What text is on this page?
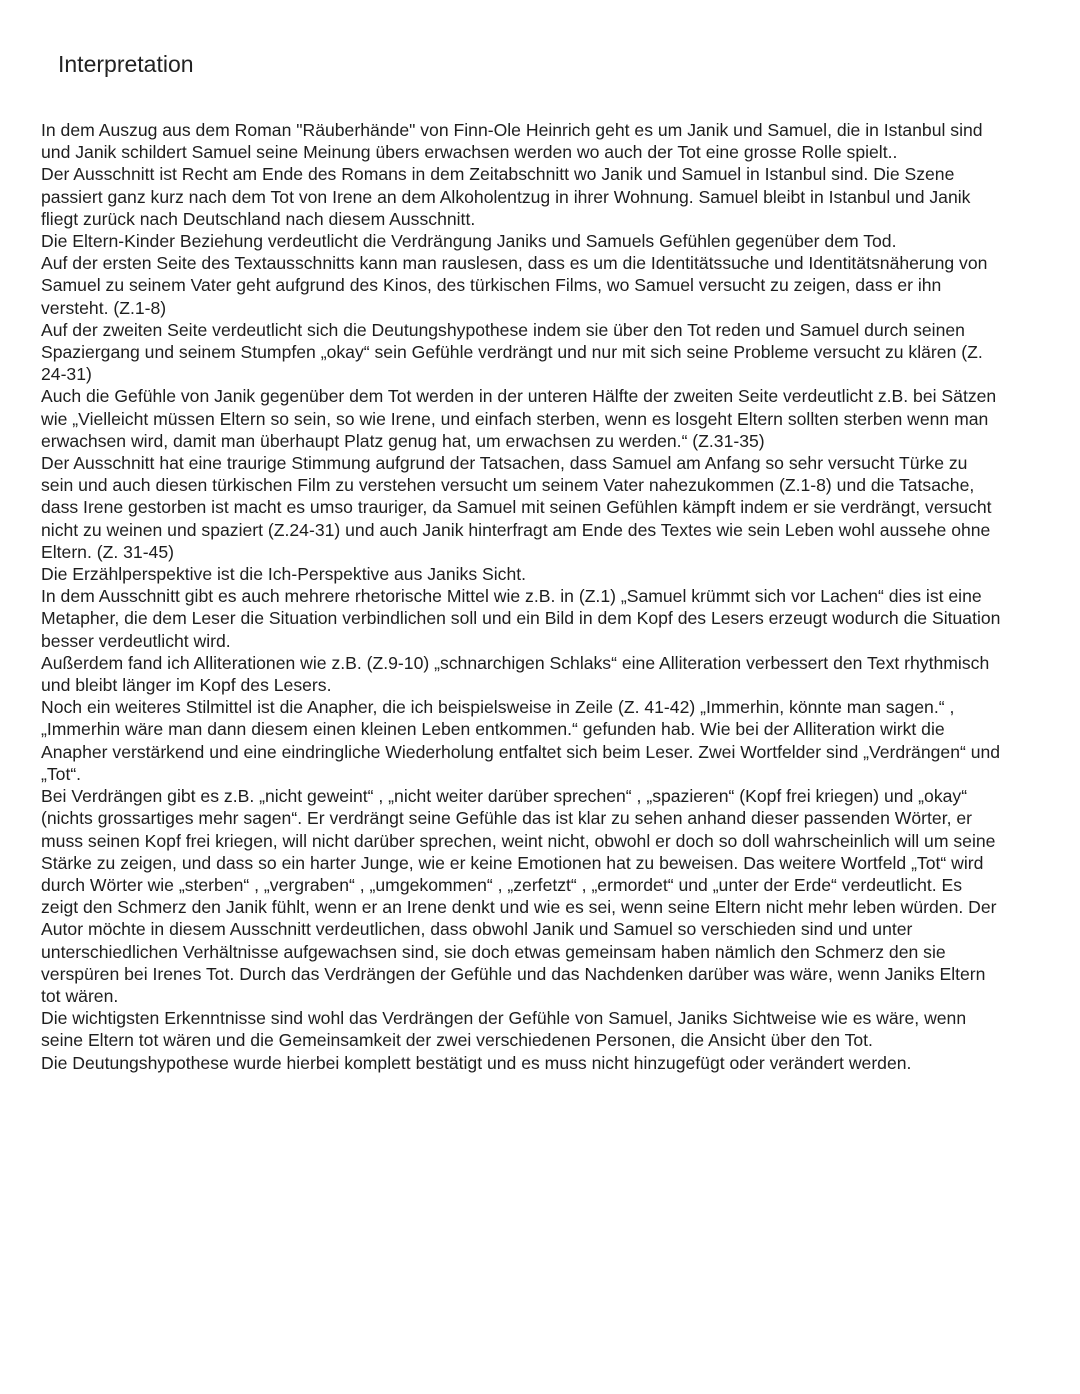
Interpretation

In dem Auszug aus dem Roman "Räuberhände" von Finn-Ole Heinrich geht es um Janik und Samuel, die in Istanbul sind und Janik schildert Samuel seine Meinung übers erwachsen werden wo auch der Tot eine grosse Rolle spielt..

Der Ausschnitt ist Recht am Ende des Romans in dem Zeitabschnitt wo Janik und Samuel in Istanbul sind. Die Szene passiert ganz kurz nach dem Tot von Irene an dem Alkoholentzug in ihrer Wohnung. Samuel bleibt in Istanbul und Janik fliegt zurück nach Deutschland nach diesem Ausschnitt.

Die Eltern-Kinder Beziehung verdeutlicht die Verdrängung Janiks und Samuels Gefühlen gegenüber dem Tod.

Auf der ersten Seite des Textausschnitts kann man rauslesen, dass es um die Identitätssuche und Identitätsnäherung von Samuel zu seinem Vater geht aufgrund des Kinos, des türkischen Films, wo Samuel versucht zu zeigen, dass er ihn versteht. (Z.1-8)

Auf der zweiten Seite verdeutlicht sich die Deutungshypothese indem sie über den Tot reden und Samuel durch seinen Spaziergang und seinem Stumpfen „okay“ sein Gefühle verdrängt und nur mit sich seine Probleme versucht zu klären (Z. 24-31)

Auch die Gefühle von Janik gegenüber dem Tot werden in der unteren Hälfte der zweiten Seite verdeutlicht z.B. bei Sätzen wie „Vielleicht müssen Eltern so sein, so wie Irene, und einfach sterben, wenn es losgeht Eltern sollten sterben wenn man erwachsen wird, damit man überhaupt Platz genug hat, um erwachsen zu werden.“ (Z.31-35)

Der Ausschnitt hat eine traurige Stimmung aufgrund der Tatsachen, dass Samuel am Anfang so sehr versucht Türke zu sein und auch diesen türkischen Film zu verstehen versucht um seinem Vater nahezukommen (Z.1-8) und die Tatsache, dass Irene gestorben ist macht es umso trauriger, da Samuel mit seinen Gefühlen kämpft indem er sie verdrängt, versucht nicht zu weinen und spaziert (Z.24-31) und auch Janik hinterfragt am Ende des Textes wie sein Leben wohl aussehe ohne Eltern. (Z. 31-45)

Die Erzählperspektive ist die Ich-Perspektive aus Janiks Sicht.

In dem Ausschnitt gibt es auch mehrere rhetorische Mittel wie z.B. in (Z.1) „Samuel krümmt sich vor Lachen“ dies ist eine Metapher, die dem Leser die Situation verbindlichen soll und ein Bild in dem Kopf des Lesers erzeugt wodurch die Situation besser verdeutlicht wird.

Außerdem fand ich Alliterationen wie z.B. (Z.9-10) „schnarchigen Schlaks“ eine Alliteration verbessert den Text rhythmisch und bleibt länger im Kopf des Lesers.

Noch ein weiteres Stilmittel ist die Anapher, die ich beispielsweise in Zeile (Z. 41-42) „Immerhin, könnte man sagen.“ , „Immerhin wäre man dann diesem einen kleinen Leben entkommen.“ gefunden hab. Wie bei der Alliteration wirkt die Anapher verstärkend und eine eindringliche Wiederholung entfaltet sich beim Leser. Zwei Wortfelder sind „Verdrängen“ und „Tot“.

Bei Verdrängen gibt es z.B. „nicht geweint“ , „nicht weiter darüber sprechen“ , „spazieren“ (Kopf frei kriegen) und „okay“ (nichts grossartiges mehr sagen“. Er verdrängt seine Gefühle das ist klar zu sehen anhand dieser passenden Wörter, er muss seinen Kopf frei kriegen, will nicht darüber sprechen, weint nicht, obwohl er doch so doll wahrscheinlich will um seine Stärke zu zeigen, und dass so ein harter Junge, wie er keine Emotionen hat zu beweisen. Das weitere Wortfeld „Tot“ wird durch Wörter wie „sterben“ , „vergraben“ , „umgekommen“ , „zerfetzt“ , „ermordet“ und „unter der Erde“ verdeutlicht. Es zeigt den Schmerz den Janik fühlt, wenn er an Irene denkt und wie es sei, wenn seine Eltern nicht mehr leben würden. Der Autor möchte in diesem Ausschnitt verdeutlichen, dass obwohl Janik und Samuel so verschieden sind und unter unterschiedlichen Verhältnisse aufgewachsen sind, sie doch etwas gemeinsam haben nämlich den Schmerz den sie verspüren bei Irenes Tot. Durch das Verdrängen der Gefühle und das Nachdenken darüber was wäre, wenn Janiks Eltern tot wären.

Die wichtigsten Erkenntnisse sind wohl das Verdrängen der Gefühle von Samuel, Janiks Sichtweise wie es wäre, wenn seine Eltern tot wären und die Gemeinsamkeit der zwei verschiedenen Personen, die Ansicht über den Tot.

Die Deutungshypothese wurde hierbei komplett bestätigt und es muss nicht hinzugefügt oder verändert werden.
